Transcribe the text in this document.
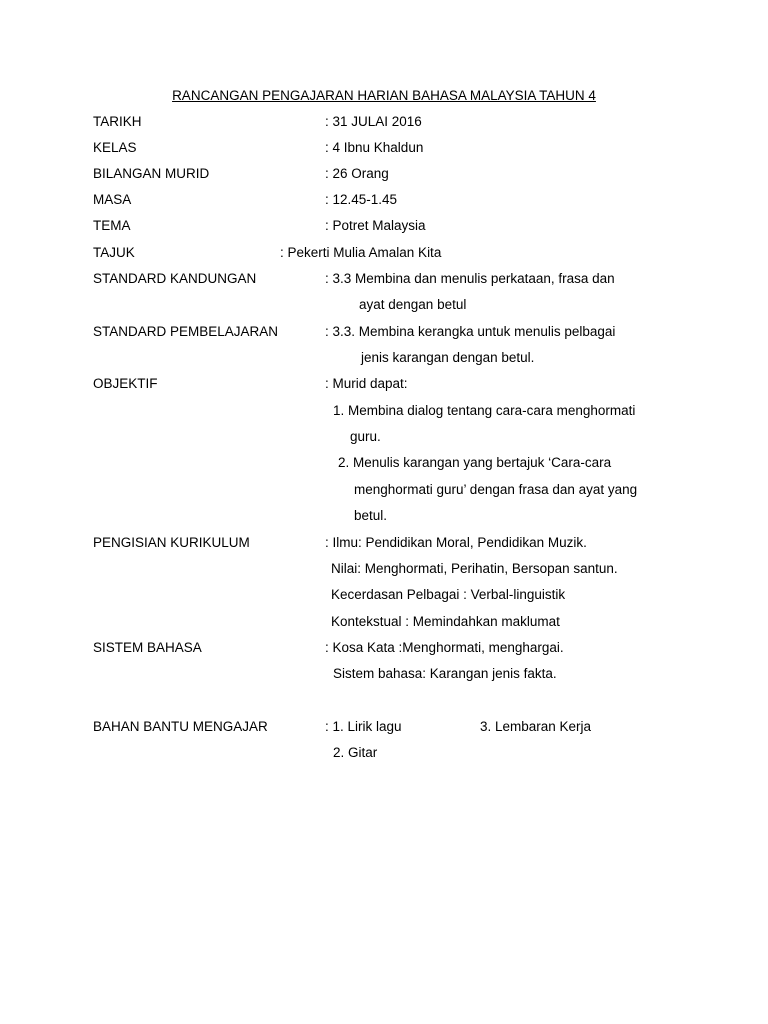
RANCANGAN PENGAJARAN HARIAN BAHASA MALAYSIA TAHUN 4
TARIKH	: 31 JULAI 2016
KELAS	: 4 Ibnu Khaldun
BILANGAN MURID	: 26 Orang
MASA	: 12.45-1.45
TEMA	: Potret Malaysia
TAJUK	: Pekerti Mulia Amalan Kita
STANDARD KANDUNGAN	: 3.3 Membina dan menulis perkataan, frasa dan
ayat dengan betul
STANDARD PEMBELAJARAN	: 3.3. Membina kerangka untuk menulis pelbagai
jenis karangan dengan betul.
OBJEKTIF	: Murid dapat:
1. Membina dialog tentang cara-cara menghormati
guru.
2. Menulis karangan yang bertajuk ‘Cara-cara
menghormati guru’ dengan frasa dan ayat yang
betul.
PENGISIAN KURIKULUM	: Ilmu: Pendidikan Moral, Pendidikan Muzik.
Nilai: Menghormati, Perihatin, Bersopan santun.
Kecerdasan Pelbagai : Verbal-linguistik
Kontekstual : Memindahkan maklumat
SISTEM BAHASA	: Kosa Kata :Menghormati, menghargai.
Sistem bahasa: Karangan jenis fakta.
BAHAN BANTU MENGAJAR	: 1. Lirik lagu	3. Lembaran Kerja
2. Gitar
